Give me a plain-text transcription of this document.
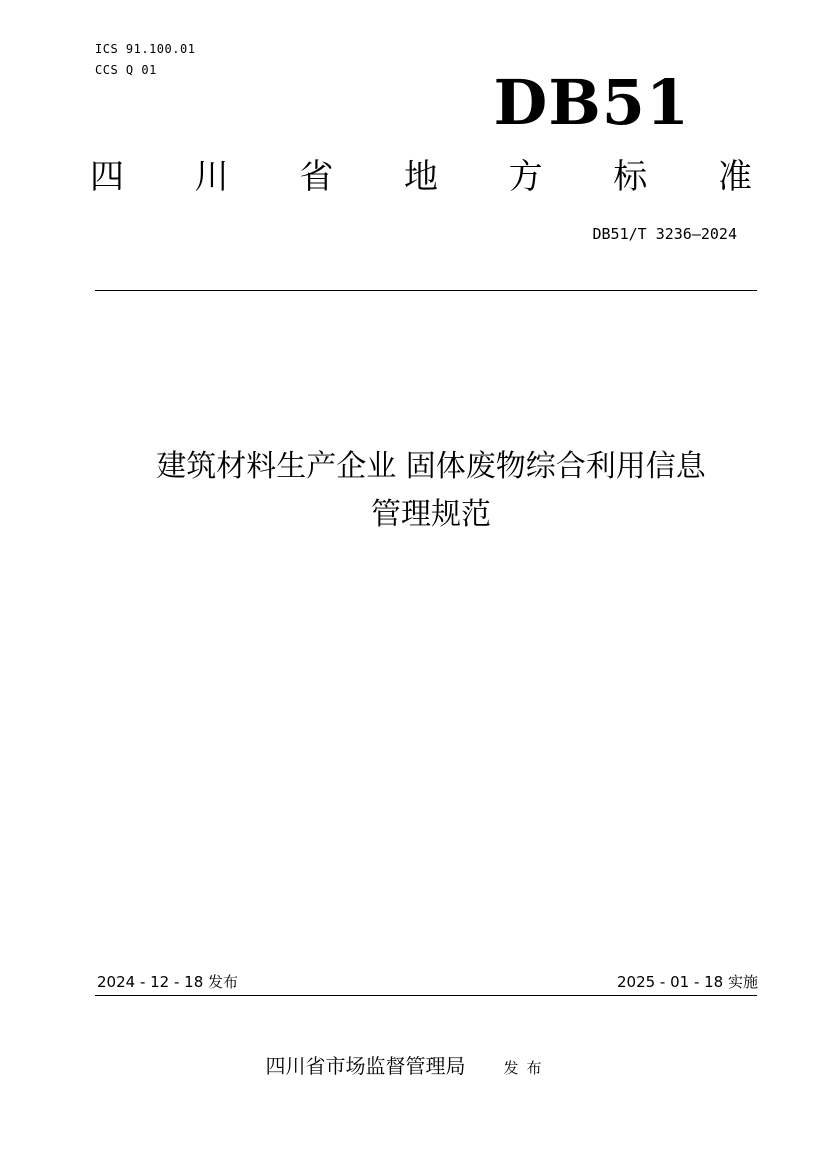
ICS 91.100.01
CCS Q 01	DB51
四 川 省 地 方 标 准
DB51/T 3236—2024
建筑材料生产企业 固体废物综合利用信息
管理规范
2024 - 12 - 18 发布	2025 - 01 - 18 实施
四川省市场监督管理局	发布
